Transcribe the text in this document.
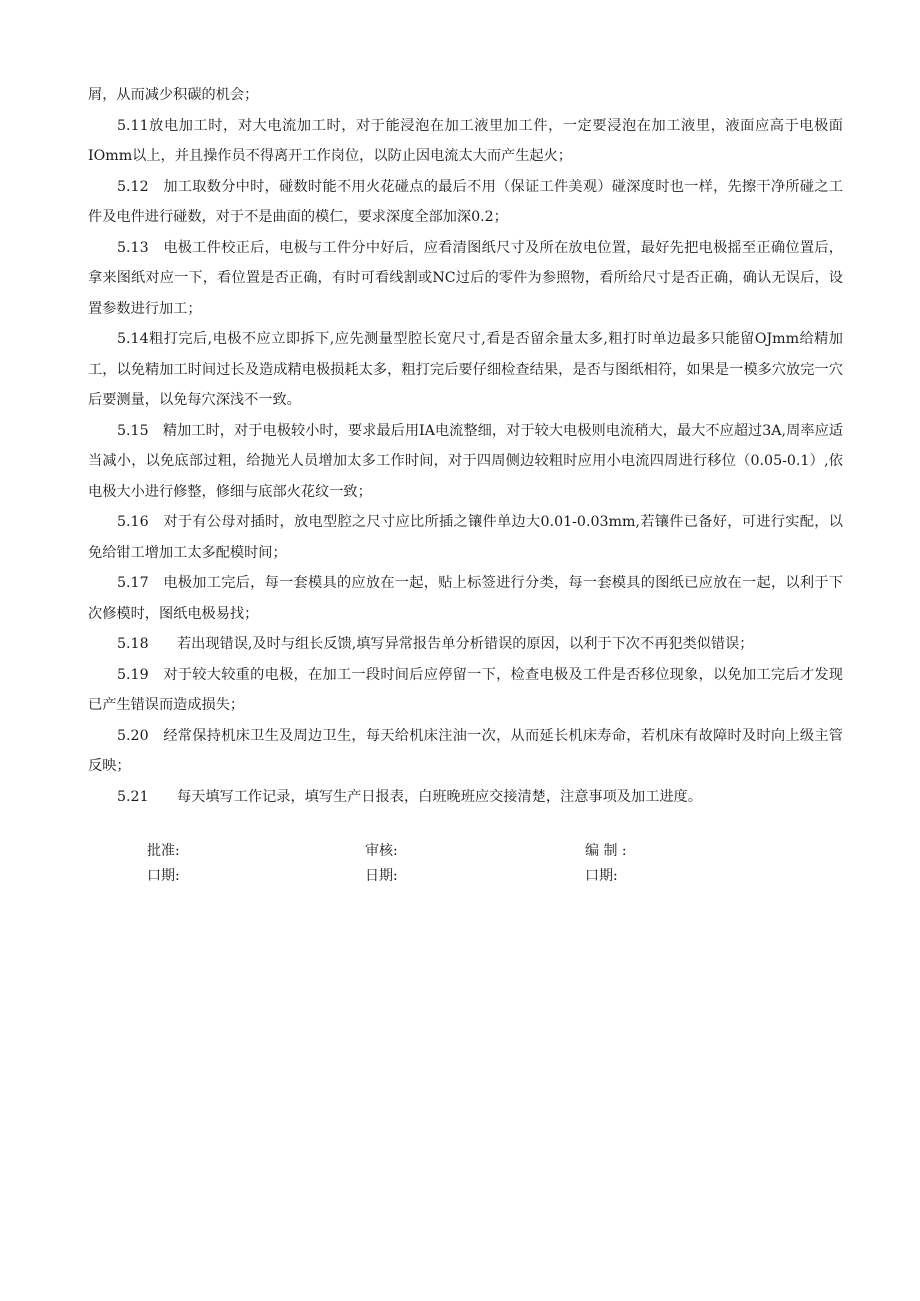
屑，从而减少积碳的机会；

5.11放电加工时，对大电流加工时，对于能浸泡在加工液里加工件，一定要浸泡在加工液里，液面应高于电极面IOmm以上，并且操作员不得离开工作岗位，以防止因电流太大而产生起火；

5.12　加工取数分中时，碰数时能不用火花碰点的最后不用（保证工件美观）碰深度时也一样，先擦干净所碰之工件及电件进行碰数，对于不是曲面的模仁，要求深度全部加深0.2；

5.13　电极工件校正后，电极与工件分中好后，应看清图纸尺寸及所在放电位置，最好先把电极摇至正确位置后，拿来图纸对应一下，看位置是否正确，有时可看线割或NC过后的零件为参照物，看所给尺寸是否正确，确认无误后，设置参数进行加工；

5.14粗打完后,电极不应立即拆下,应先测量型腔长宽尺寸,看是否留余量太多,粗打时单边最多只能留OJmm给精加工，以免精加工时间过长及造成精电极损耗太多，粗打完后要仔细检查结果，是否与图纸相符，如果是一模多穴放完一穴后要测量，以免每穴深浅不一致。

5.15　精加工时，对于电极较小时，要求最后用IA电流整细，对于较大电极则电流稍大，最大不应超过3A,周率应适当减小，以免底部过粗，给抛光人员增加太多工作时间，对于四周侧边较粗时应用小电流四周进行移位（0.05-0.1）,依电极大小进行修整，修细与底部火花纹一致；

5.16　对于有公母对插时，放电型腔之尺寸应比所插之镶件单边大0.01-0.03mm,若镶件已备好，可进行实配，以免给钳工增加工太多配模时间；

5.17　电极加工完后，每一套模具的应放在一起，贴上标签进行分类，每一套模具的图纸已应放在一起，以利于下次修模时，图纸电极易找；

5.18　　若出现错误,及时与组长反馈,填写异常报告单分析错误的原因，以利于下次不再犯类似错误；

5.19　对于较大较重的电极，在加工一段时间后应停留一下，检查电极及工件是否移位现象，以免加工完后才发现已产生错误而造成损失；

5.20　经常保持机床卫生及周边卫生，每天给机床注油一次，从而延长机床寿命，若机床有故障时及时向上级主管反映；

5.21　　每天填写工作记录，填写生产日报表，白班晚班应交接清楚，注意事项及加工进度。

批准:	审核:	编 制 :
口期:	日期:	口期:
